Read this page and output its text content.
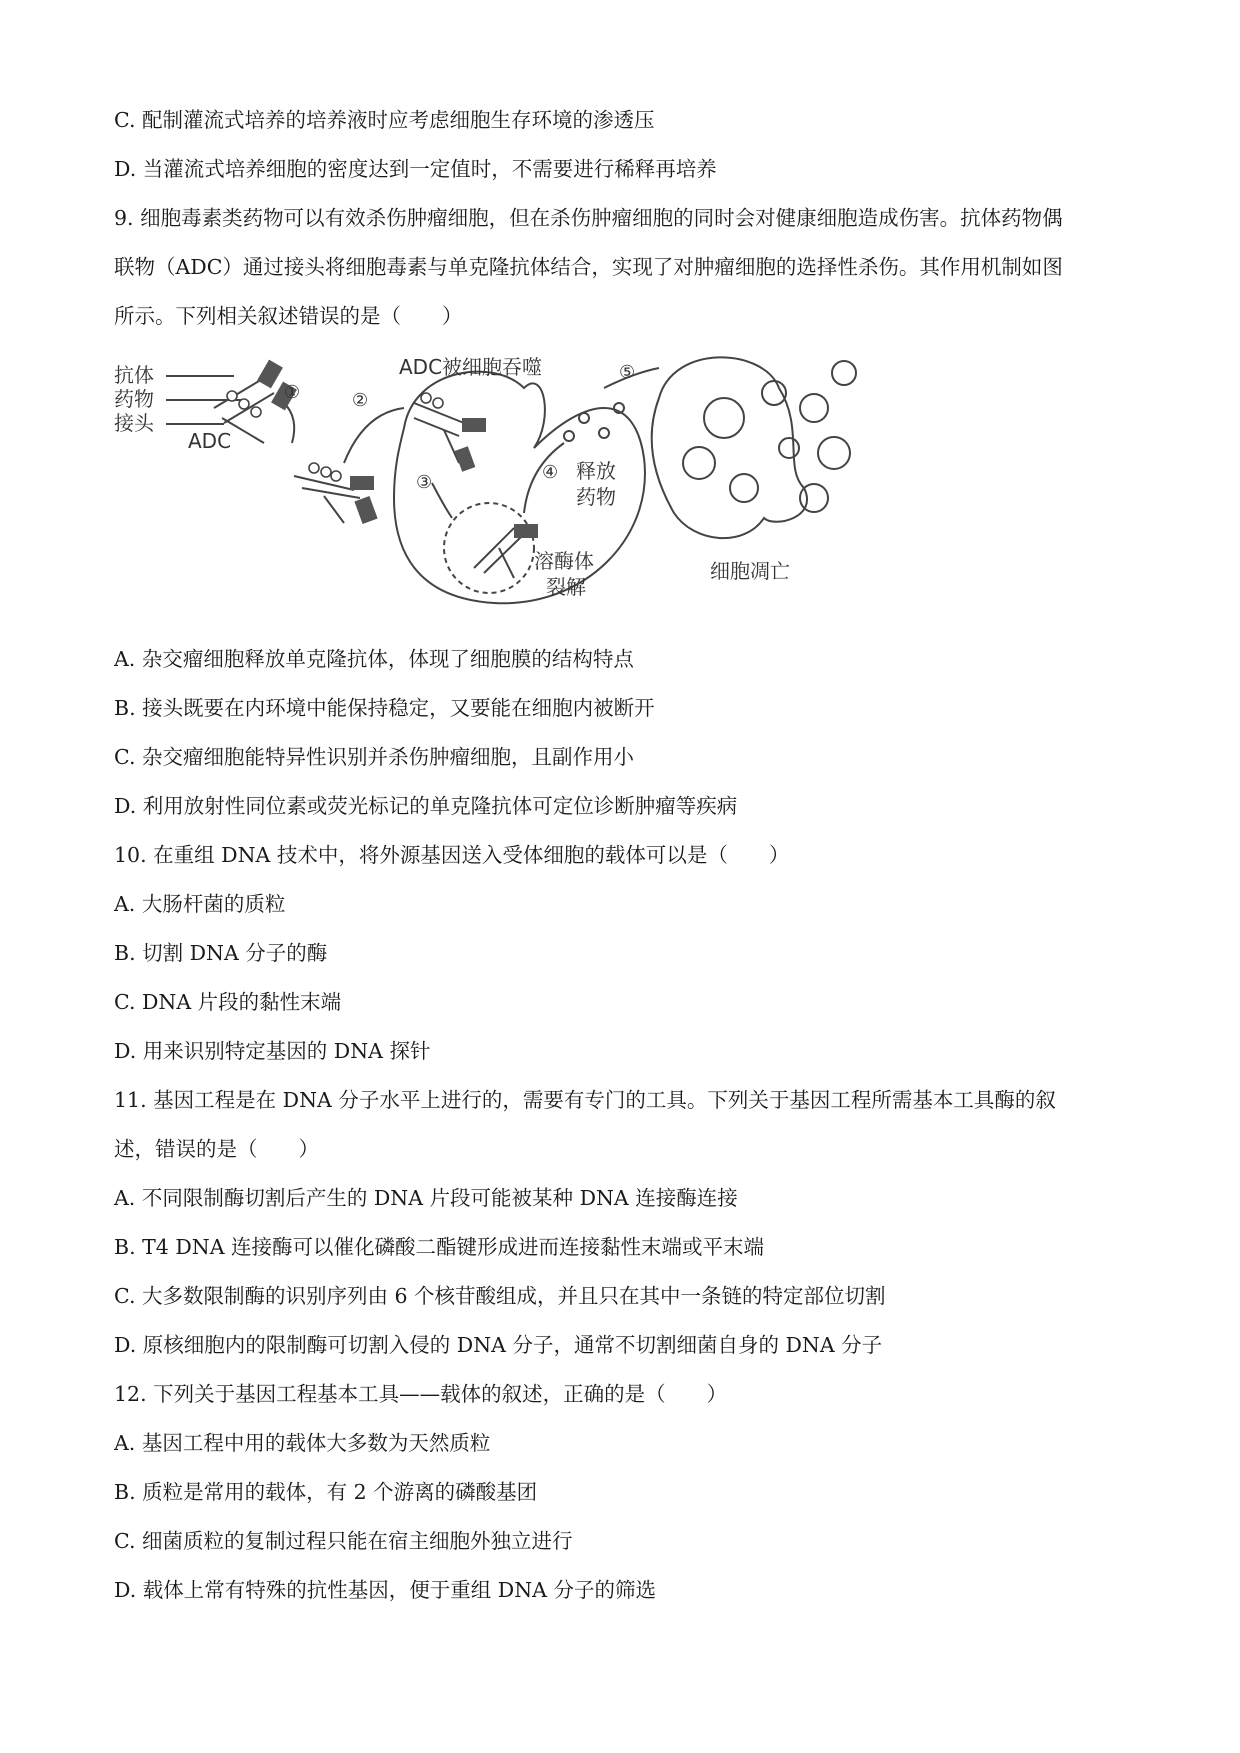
C. 配制灌流式培养的培养液时应考虑细胞生存环境的渗透压
D. 当灌流式培养细胞的密度达到一定值时，不需要进行稀释再培养
9. 细胞毒素类药物可以有效杀伤肿瘤细胞，但在杀伤肿瘤细胞的同时会对健康细胞造成伤害。抗体药物偶
联物（ADC）通过接头将细胞毒素与单克隆抗体结合，实现了对肿瘤细胞的选择性杀伤。其作用机制如图
所示。下列相关叙述错误的是（　　）
抗体
药物
接头
ADC
ADC被细胞吞噬
释放
药物
溶酶体
裂解
细胞凋亡
①	②
③	④
⑤
A. 杂交瘤细胞释放单克隆抗体，体现了细胞膜的结构特点
B. 接头既要在内环境中能保持稳定，又要能在细胞内被断开
C. 杂交瘤细胞能特异性识别并杀伤肿瘤细胞，且副作用小
D. 利用放射性同位素或荧光标记的单克隆抗体可定位诊断肿瘤等疾病
10. 在重组 DNA 技术中，将外源基因送入受体细胞的载体可以是（　　）
A. 大肠杆菌的质粒
B. 切割 DNA 分子的酶
C. DNA 片段的黏性末端
D. 用来识别特定基因的 DNA 探针
11. 基因工程是在 DNA 分子水平上进行的，需要有专门的工具。下列关于基因工程所需基本工具酶的叙
述，错误的是（　　）
A. 不同限制酶切割后产生的 DNA 片段可能被某种 DNA 连接酶连接
B. T4 DNA 连接酶可以催化磷酸二酯键形成进而连接黏性末端或平末端
C. 大多数限制酶的识别序列由 6 个核苷酸组成，并且只在其中一条链的特定部位切割
D. 原核细胞内的限制酶可切割入侵的 DNA 分子，通常不切割细菌自身的 DNA 分子
12. 下列关于基因工程基本工具——载体的叙述，正确的是（　　）
A. 基因工程中用的载体大多数为天然质粒
B. 质粒是常用的载体，有 2 个游离的磷酸基团
C. 细菌质粒的复制过程只能在宿主细胞外独立进行
D. 载体上常有特殊的抗性基因，便于重组 DNA 分子的筛选
